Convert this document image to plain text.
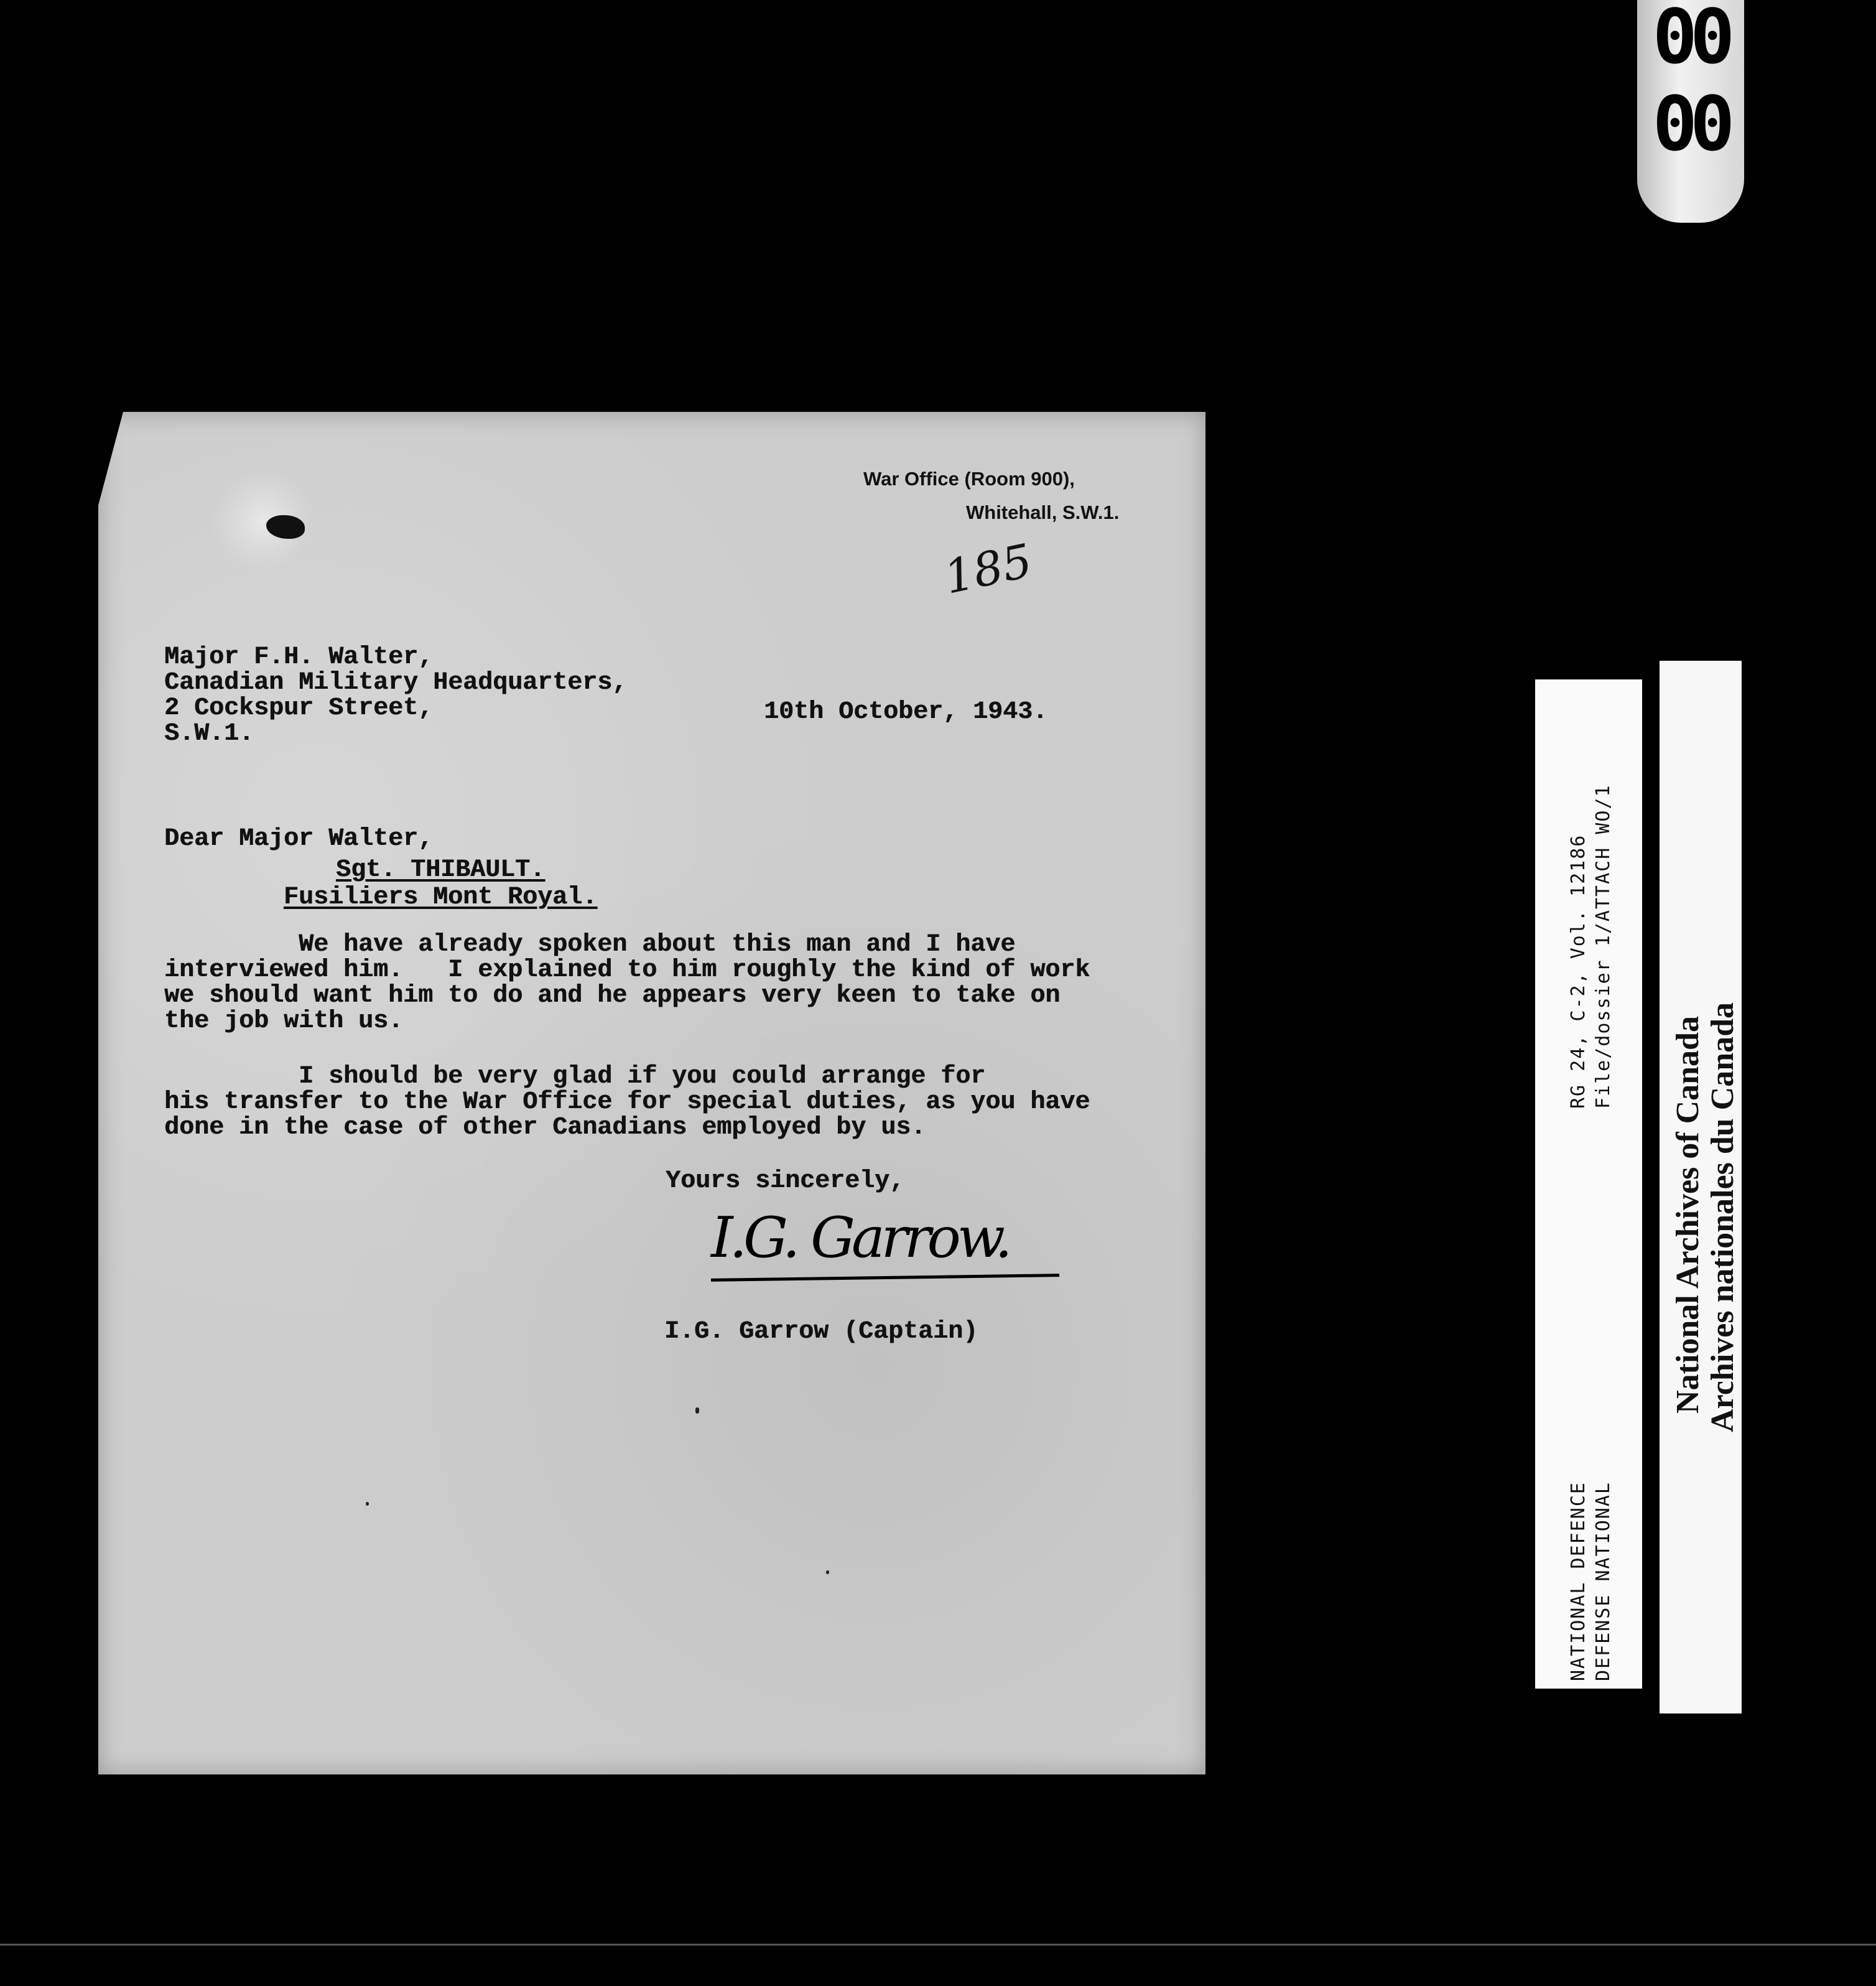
00
00
War Office (Room 900),
Whitehall, S.W.1.
185
Major F.H. Walter,
Canadian Military Headquarters,
2 Cockspur Street,
S.W.1.
10th October, 1943.
Dear Major Walter,
Sgt. THIBAULT.
Fusiliers Mont Royal.
We have already spoken about this man and I have
interviewed him.   I explained to him roughly the kind of work
we should want him to do and he appears very keen to take on
the job with us.
I should be very glad if you could arrange for
his transfer to the War Office for special duties, as you have
done in the case of other Canadians employed by us.
Yours sincerely,
I.G. Garrow.
I.G. Garrow (Captain)
RG 24, C-2, Vol. 12186 File/dossier 1/ATTACH WO/1
NATIONAL DEFENCE DEFENSE NATIONAL
National Archives of Canada Archives nationales du Canada
